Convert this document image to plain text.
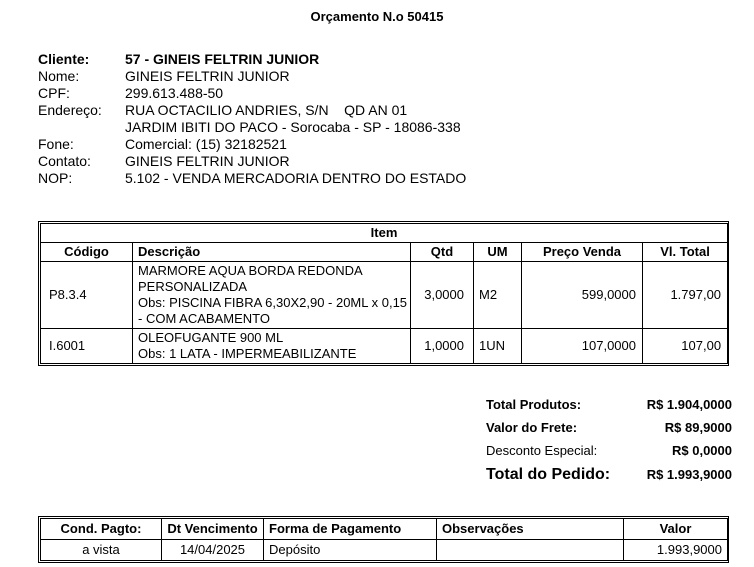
Orçamento N.o 50415
Cliente:	57 - GINEIS FELTRIN JUNIOR
Nome:	GINEIS FELTRIN JUNIOR
CPF:	299.613.488-50
Endereço:	RUA OCTACILIO ANDRIES, S/N    QD AN 01
JARDIM IBITI DO PACO - Sorocaba - SP - 18086-338
Fone:	Comercial: (15) 32182521
Contato:	GINEIS FELTRIN JUNIOR
NOP:	5.102 - VENDA MERCADORIA DENTRO DO ESTADO
Item					
Código	Descrição	Qtd	UM	Preço Venda	Vl. Total
P8.3.4	MARMORE AQUA BORDA REDONDA
PERSONALIZADA
Obs: PISCINA FIBRA 6,30X2,90 - 20ML x 0,15
- COM ACABAMENTO	3,0000	M2	599,0000	1.797,00
I.6001	OLEOFUGANTE 900 ML
Obs: 1 LATA - IMPERMEABILIZANTE	1,0000	1UN	107,0000	107,00
Total Produtos:	R$ 1.904,0000
Valor do Frete:	R$ 89,9000
Desconto Especial:	R$ 0,0000
Total do Pedido:	R$ 1.993,9000
Cond. Pagto:	Dt Vencimento	Forma de Pagamento	Observações	Valor
a vista	14/04/2025	Depósito		1.993,9000
